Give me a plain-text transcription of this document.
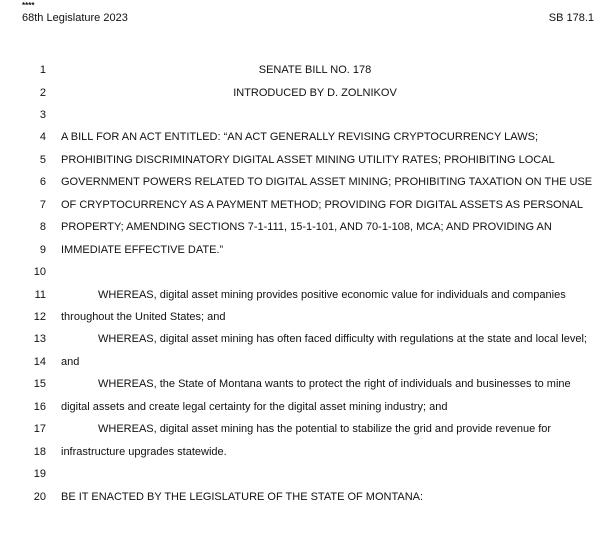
****
68th Legislature 2023	SB 178.1
1	SENATE BILL NO. 178
2	INTRODUCED BY D. ZOLNIKOV
3
4 A BILL FOR AN ACT ENTITLED: “AN ACT GENERALLY REVISING CRYPTOCURRENCY LAWS;
5 PROHIBITING DISCRIMINATORY DIGITAL ASSET MINING UTILITY RATES; PROHIBITING LOCAL
6 GOVERNMENT POWERS RELATED TO DIGITAL ASSET MINING; PROHIBITING TAXATION ON THE USE
7 OF CRYPTOCURRENCY AS A PAYMENT METHOD; PROVIDING FOR DIGITAL ASSETS AS PERSONAL
8 PROPERTY; AMENDING SECTIONS 7-1-111, 15-1-101, AND 70-1-108, MCA; AND PROVIDING AN
9 IMMEDIATE EFFECTIVE DATE.”
10
11	WHEREAS, digital asset mining provides positive economic value for individuals and companies
12 throughout the United States; and
13	WHEREAS, digital asset mining has often faced difficulty with regulations at the state and local level;
14 and
15	WHEREAS, the State of Montana wants to protect the right of individuals and businesses to mine
16 digital assets and create legal certainty for the digital asset mining industry; and
17	WHEREAS, digital asset mining has the potential to stabilize the grid and provide revenue for
18 infrastructure upgrades statewide.
19
20 BE IT ENACTED BY THE LEGISLATURE OF THE STATE OF MONTANA:
